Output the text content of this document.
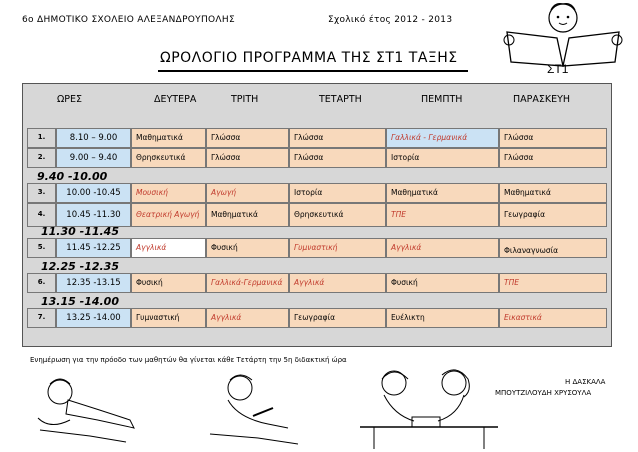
6ο ΔΗΜΟΤΙΚΟ ΣΧΟΛΕΙΟ ΑΛΕΞΑΝΔΡΟΥΠΟΛΗΣ	Σχολικό έτος 2012 - 2013
ΩΡΟΛΟΓΙΟ ΠΡΟΓΡΑΜΜΑ ΤΗΣ ΣΤ1 ΤΑΞΗΣ
ΣΤ1
ΩΡΕΣ	ΔΕΥΤΕΡΑ	ΤΡΙΤΗ	ΤΕΤΑΡΤΗ	ΠΕΜΠΤΗ	ΠΑΡΑΣΚΕΥΗ
1.	8.10 – 9.00	Μαθηματικά	Γλώσσα	Γλώσσα	Γαλλικά - Γερμανικά	Γλώσσα
2.	9.00 – 9.40	Θρησκευτικά	Γλώσσα	Γλώσσα	Ιστορία	Γλώσσα
3.	10.00 -10.45	Μουσική	Αγωγή	Ιστορία	Μαθηματικά	Μαθηματικά
4.	10.45 -11.30	Θεατρική Αγωγή	Μαθηματικά	Θρησκευτικά	ΤΠΕ	Γεωγραφία
5.	11.45 -12.25	Αγγλικά	Φυσική	Γυμναστική	Αγγλικά	Φιλαναγνωσία
6.	12.35 -13.15	Φυσική	Γαλλικά-Γερμανικά	Αγγλικά	Φυσική	ΤΠΕ
7.	13.25 -14.00	Γυμναστική	Αγγλικά	Γεωγραφία	Ευέλικτη	Εικαστικά
9.40 -10.00
11.30 -11.45
12.25 -12.35
13.15 -14.00
Ενημέρωση για την πρόοδο των μαθητών θα γίνεται κάθε Τετάρτη την 5η διδακτική ώρα
Η ΔΑΣΚΑΛΑ
ΜΠΟΥΤΖΙΛΟΥΔΗ ΧΡΥΣΟΥΛΑ
